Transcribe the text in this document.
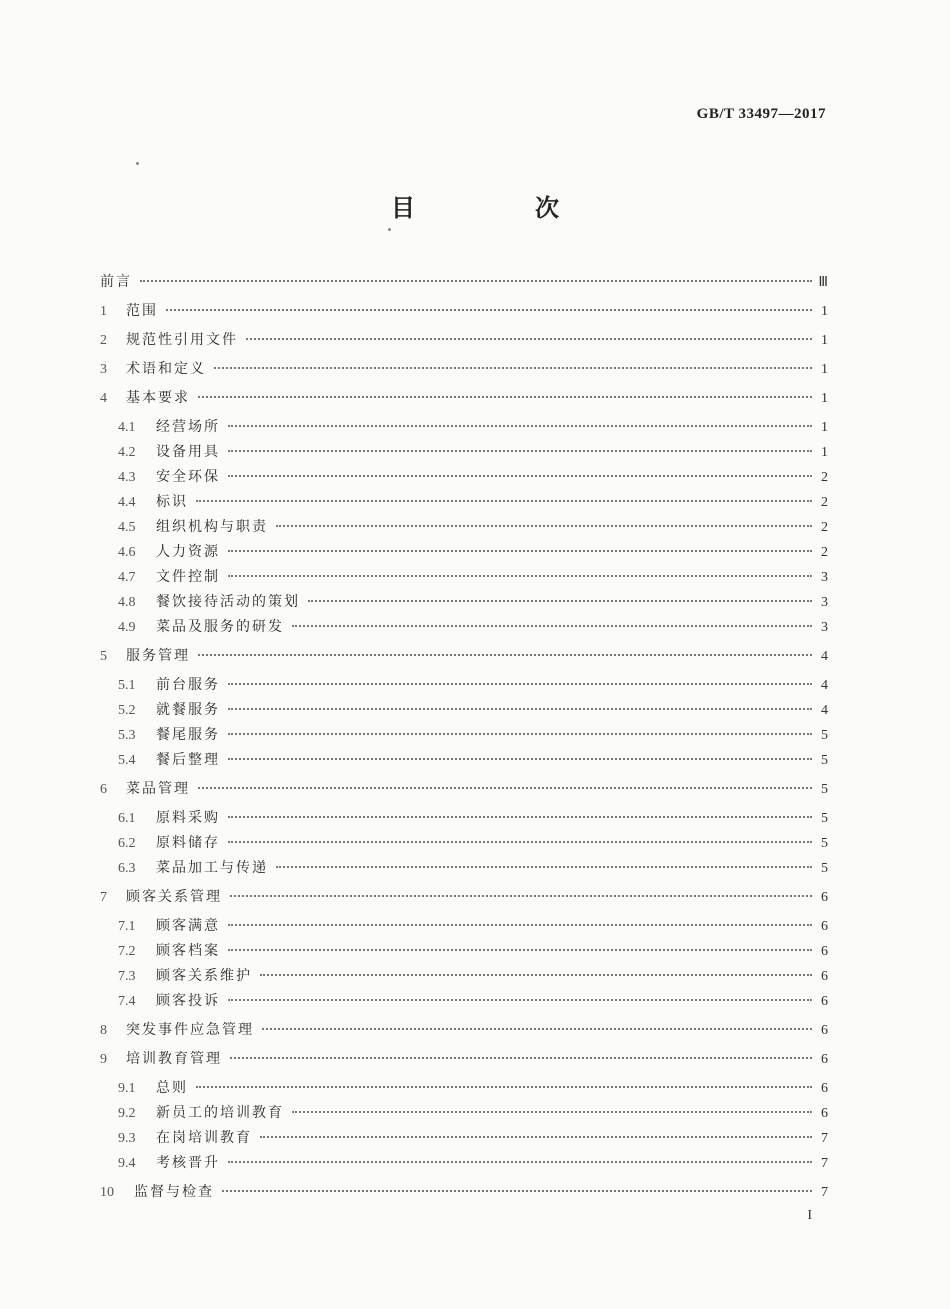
GB/T 33497—2017
目　次
前言	Ⅲ
1	范围	1
2	规范性引用文件	1
3	术语和定义	1
4	基本要求	1
4.1	经营场所	1
4.2	设备用具	1
4.3	安全环保	2
4.4	标识	2
4.5	组织机构与职责	2
4.6	人力资源	2
4.7	文件控制	3
4.8	餐饮接待活动的策划	3
4.9	菜品及服务的研发	3
5	服务管理	4
5.1	前台服务	4
5.2	就餐服务	4
5.3	餐尾服务	5
5.4	餐后整理	5
6	菜品管理	5
6.1	原料采购	5
6.2	原料储存	5
6.3	菜品加工与传递	5
7	顾客关系管理	6
7.1	顾客满意	6
7.2	顾客档案	6
7.3	顾客关系维护	6
7.4	顾客投诉	6
8	突发事件应急管理	6
9	培训教育管理	6
9.1	总则	6
9.2	新员工的培训教育	6
9.3	在岗培训教育	7
9.4	考核晋升	7
10	监督与检查	7
I
